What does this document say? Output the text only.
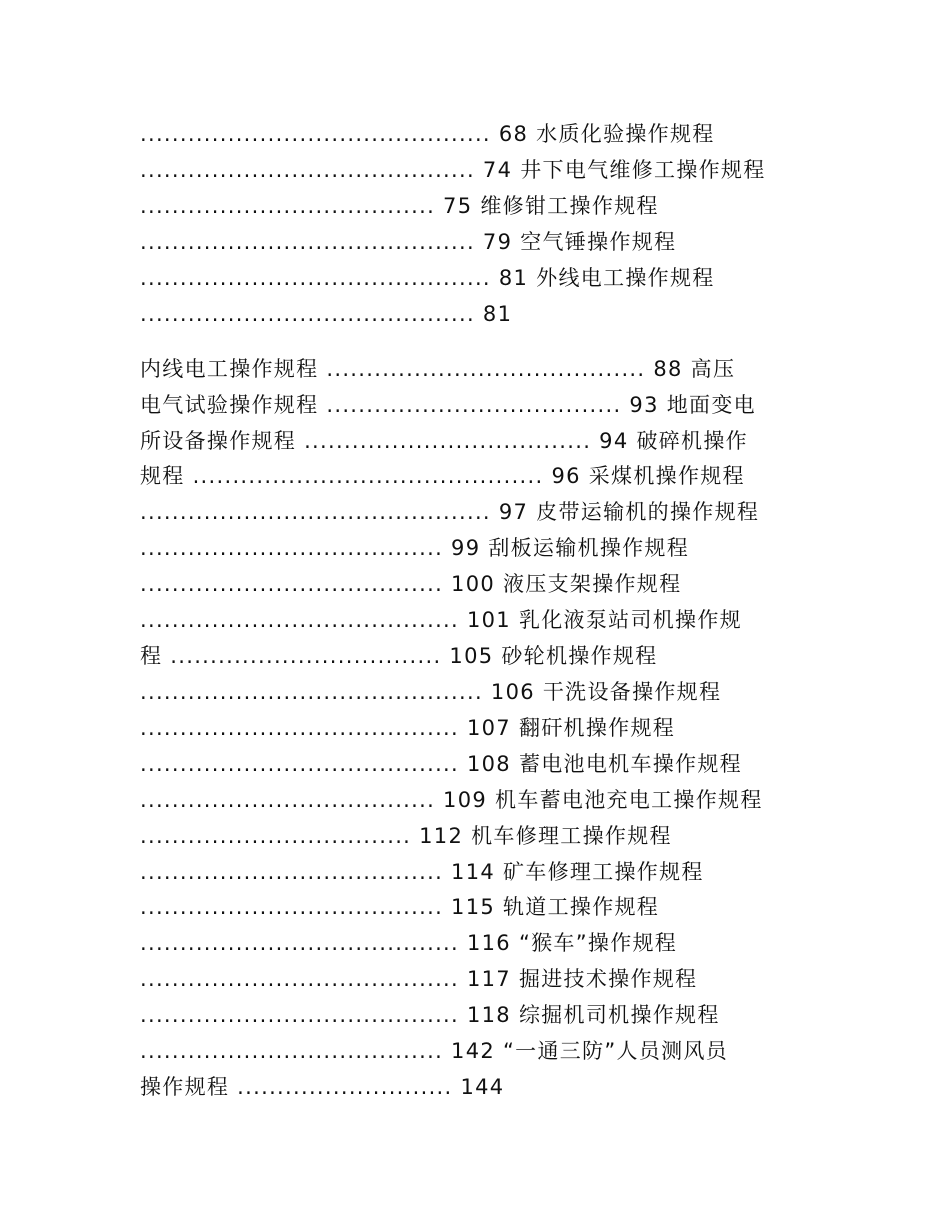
............................................ 68 水质化验操作规程
.......................................... 74 井下电气维修工操作规程
..................................... 75 维修钳工操作规程
.......................................... 79 空气锤操作规程
............................................ 81 外线电工操作规程
.......................................... 81
内线电工操作规程 ........................................ 88 高压
电气试验操作规程 ..................................... 93 地面变电
所设备操作规程 .................................... 94 破碎机操作
规程 ............................................ 96 采煤机操作规程
............................................ 97 皮带运输机的操作规程
...................................... 99 刮板运输机操作规程
...................................... 100 液压支架操作规程
........................................ 101 乳化液泵站司机操作规
程 .................................. 105 砂轮机操作规程
........................................... 106 干洗设备操作规程
........................................ 107 翻矸机操作规程
........................................ 108 蓄电池电机车操作规程
..................................... 109 机车蓄电池充电工操作规程
.................................. 112 机车修理工操作规程
...................................... 114 矿车修理工操作规程
...................................... 115 轨道工操作规程
........................................ 116 “猴车”操作规程
........................................ 117 掘进技术操作规程
........................................ 118 综掘机司机操作规程
...................................... 142 “一通三防”人员测风员
操作规程 ........................... 144
